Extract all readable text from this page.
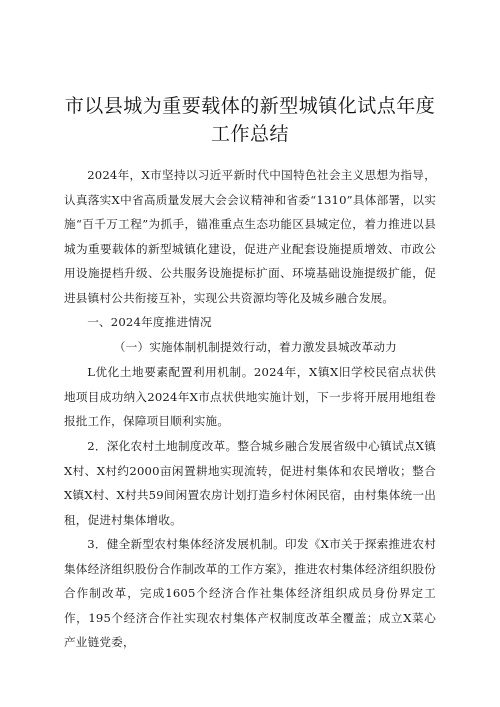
市以县城为重要载体的新型城镇化试点年度工作总结

2024年，X市坚持以习近平新时代中国特色社会主义思想为指导，认真落实X中省高质量发展大会会议精神和省委“1310”具体部署，以实施“百千万工程”为抓手，锚准重点生态功能区县城定位，着力推进以县城为重要载体的新型城镇化建设，促进产业配套设施提质增效、市政公用设施提档升级、公共服务设施提标扩面、环境基础设施提级扩能，促进县镇村公共衔接互补，实现公共资源均等化及城乡融合发展。

一、2024年度推进情况

（一）实施体制机制提效行动，着力激发县城改革动力

L优化土地要素配置利用机制。2024年，X镇X旧学校民宿点状供地项目成功纳入2024年X市点状供地实施计划，下一步将开展用地组卷报批工作，保障项目顺利实施。

2．深化农村土地制度改革。整合城乡融合发展省级中心镇试点X镇X村、X村约2000亩闲置耕地实现流转，促进村集体和农民增收；整合X镇X村、X村共59间闲置农房计划打造乡村休闲民宿，由村集体统一出租，促进村集体增收。

3．健全新型农村集体经济发展机制。印发《X市关于探索推进农村集体经济组织股份合作制改革的工作方案》，推进农村集体经济组织股份合作制改革，完成1605个经济合作社集体经济组织成员身份界定工作，195个经济合作社实现农村集体产权制度改革全覆盖；成立X菜心产业链党委，
